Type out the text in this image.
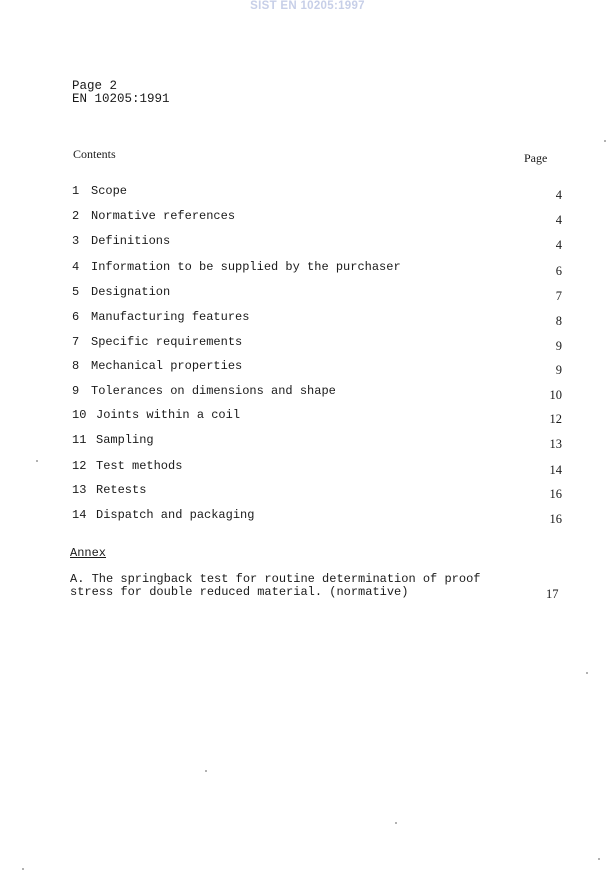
SIST EN 10205:1997
Page 2
EN 10205:1991
Contents	Page
1 Scope	4
2 Normative references	4
3 Definitions	4
4 Information to be supplied by the purchaser	6
5 Designation	7
6 Manufacturing features	8
7 Specific requirements	9
8 Mechanical properties	9
9 Tolerances on dimensions and shape	10
10 Joints within a coil	12
11 Sampling	13
12 Test methods	14
13 Retests	16
14 Dispatch and packaging	16
Annex
A. The springback test for routine determination of proof
stress for double reduced material. (normative)	17
